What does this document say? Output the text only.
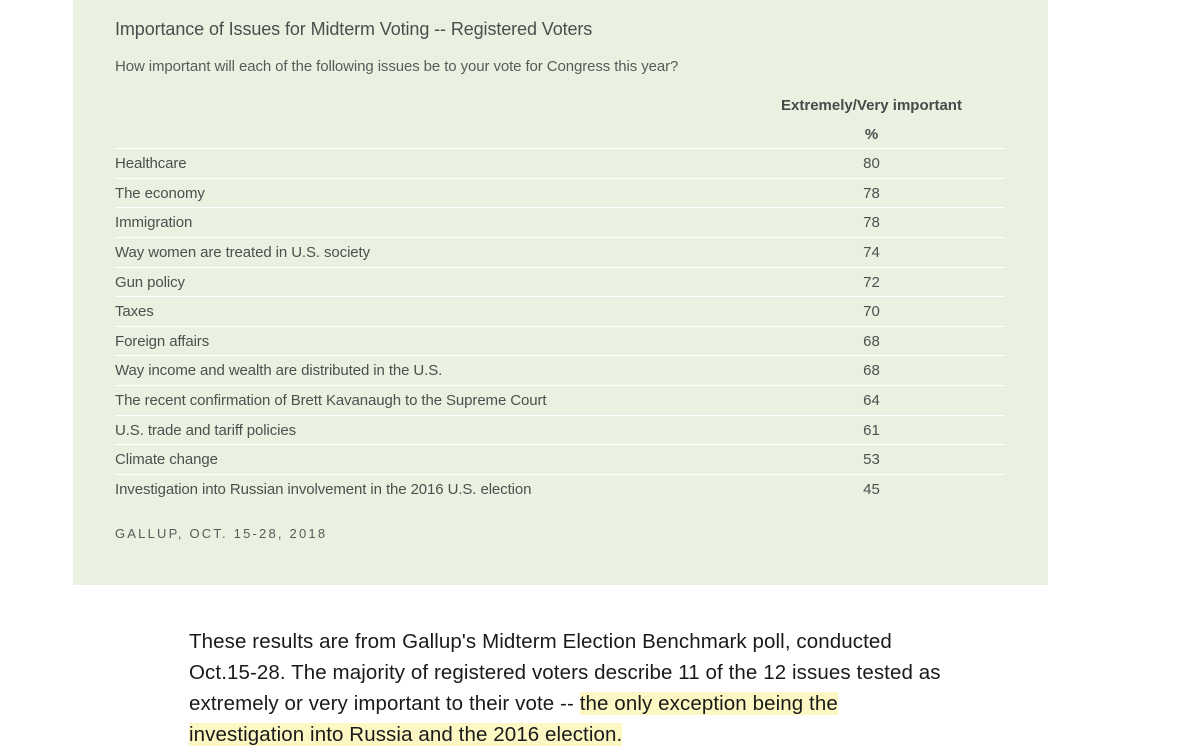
Importance of Issues for Midterm Voting -- Registered Voters
How important will each of the following issues be to your vote for Congress this year?
Extremely/Very important
%
Healthcare	80
The economy	78
Immigration	78
Way women are treated in U.S. society	74
Gun policy	72
Taxes	70
Foreign affairs	68
Way income and wealth are distributed in the U.S.	68
The recent confirmation of Brett Kavanaugh to the Supreme Court	64
U.S. trade and tariff policies	61
Climate change	53
Investigation into Russian involvement in the 2016 U.S. election	45
GALLUP, OCT. 15-28, 2018

These results are from Gallup's Midterm Election Benchmark poll, conducted Oct.15-28. The majority of registered voters describe 11 of the 12 issues tested as extremely or very important to their vote -- the only exception being the investigation into Russia and the 2016 election.
